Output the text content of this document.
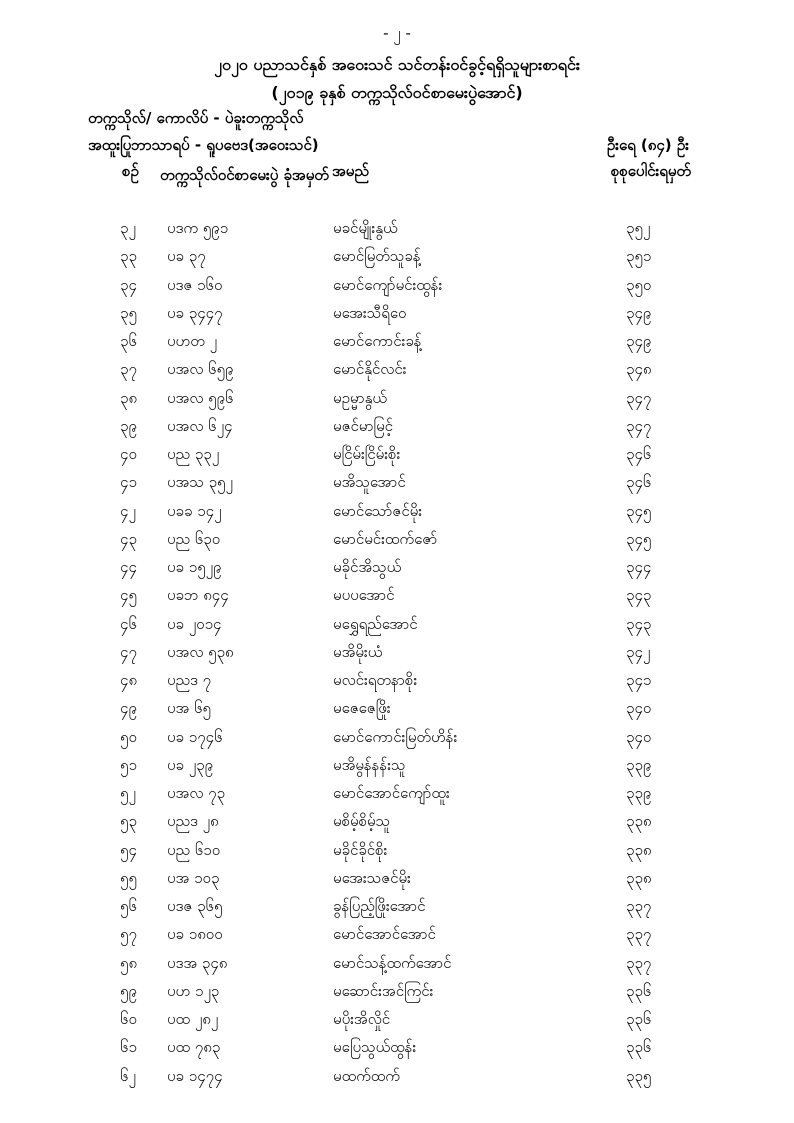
- ၂ -
၂၀၂၀ ပညာသင်နှစ် အဝေးသင် သင်တန်းဝင်ခွင့်ရရှိသူများစာရင်း
(၂၀၁၉ ခုနှစ် တက္ကသိုလ်ဝင်စာမေးပွဲအောင်)
တက္ကသိုလ်/ ကောလိပ် - ပဲခူးတက္ကသိုလ်
အထူးပြုဘာသာရပ် - ရူပဗေဒ(အဝေးသင်)	ဦးရေ (၈၄) ဦး
စဉ် တက္ကသိုလ်ဝင်စာမေးပွဲ ခုံအမှတ် အမည်	စုစုပေါင်းရမှတ်
၃၂ ပဒက ၅၉၁	မခင်မျိုးနွယ်	၃၅၂
၃၃ ပခ ၃၇	မောင်မြတ်သူခန့်	၃၅၁
၃၄ ပဒဇ ၁၆၀	မောင်ကျော်မင်းထွန်း	၃၅၀
၃၅ ပခ ၃၄၄၇	မအေးသီရိဝေ	၃၄၉
၃၆ ပဟတ ၂	မောင်ကောင်းခန့်	၃၄၉
၃၇ ပအလ ၆၅၉	မောင်နိုင်လင်း	၃၄၈
၃၈ ပအလ ၅၉၆	မဥမ္မာနွယ်	၃၄၇
၃၉ ပအလ ၆၂၄	မဇင်မာမြင့်	၃၄၇
၄၀ ပည ၃၃၂	မငြိမ်းငြိမ်းစိုး	၃၄၆
၄၁ ပအသ ၃၅၂	မအိသူအောင်	၃၄၆
၄၂ ပခခ ၁၄၂	မောင်သော်ဇင်မိုး	၃၄၅
၄၃ ပည ၆၃၀	မောင်မင်းထက်ဇော်	၃၄၅
၄၄ ပခ ၁၅၂၉	မခိုင်အိသွယ်	၃၄၄
၄၅ ပခဘ ၈၄၄	မပပအောင်	၃၄၃
၄၆ ပခ ၂၀၁၄	မရွှေရည်အောင်	၃၄၃
၄၇ ပအလ ၅၃၈	မအိမိုးယံ	၃၄၂
၄၈ ပညဒ ၇	မလင်းရတနာစိုး	၃၄၁
၄၉ ပအ ၆၅	မဇေဇေဖြိုး	၃၄၀
၅၀ ပခ ၁၇၄၆	မောင်ကောင်းမြတ်ဟိန်း	၃၄၀
၅၁ ပခ ၂၃၉	မအိမွန်နန်းသူ	၃၃၉
၅၂ ပအလ ၇၃	မောင်အောင်ကျော်ထူး	၃၃၉
၅၃ ပညဒ ၂၈	မစိမ့်စိမ့်သူ	၃၃၈
၅၄ ပည ၆၁၀	မခိုင်ခိုင်စိုး	၃၃၈
၅၅ ပအ ၁၀၃	မအေးသဇင်မိုး	၃၃၈
၅၆ ပဒဇ ၃၆၅	ခွန်ပြည့်ဖြိုးအောင်	၃၃၇
၅၇ ပခ ၁၈၀၀	မောင်အောင်အောင်	၃၃၇
၅၈ ပဒအ ၃၄၈	မောင်သန့်ထက်အောင်	၃၃၇
၅၉ ပဟ ၁၂၃	မဆောင်းအင်ကြင်း	၃၃၆
၆၀ ပထ ၂၈၂	မပိုးအိလှိုင်	၃၃၆
၆၁ ပထ ၇၈၃	မပြေသွယ်ထွန်း	၃၃၆
၆၂ ပခ ၁၄၇၄	မထက်ထက်	၃၃၅
